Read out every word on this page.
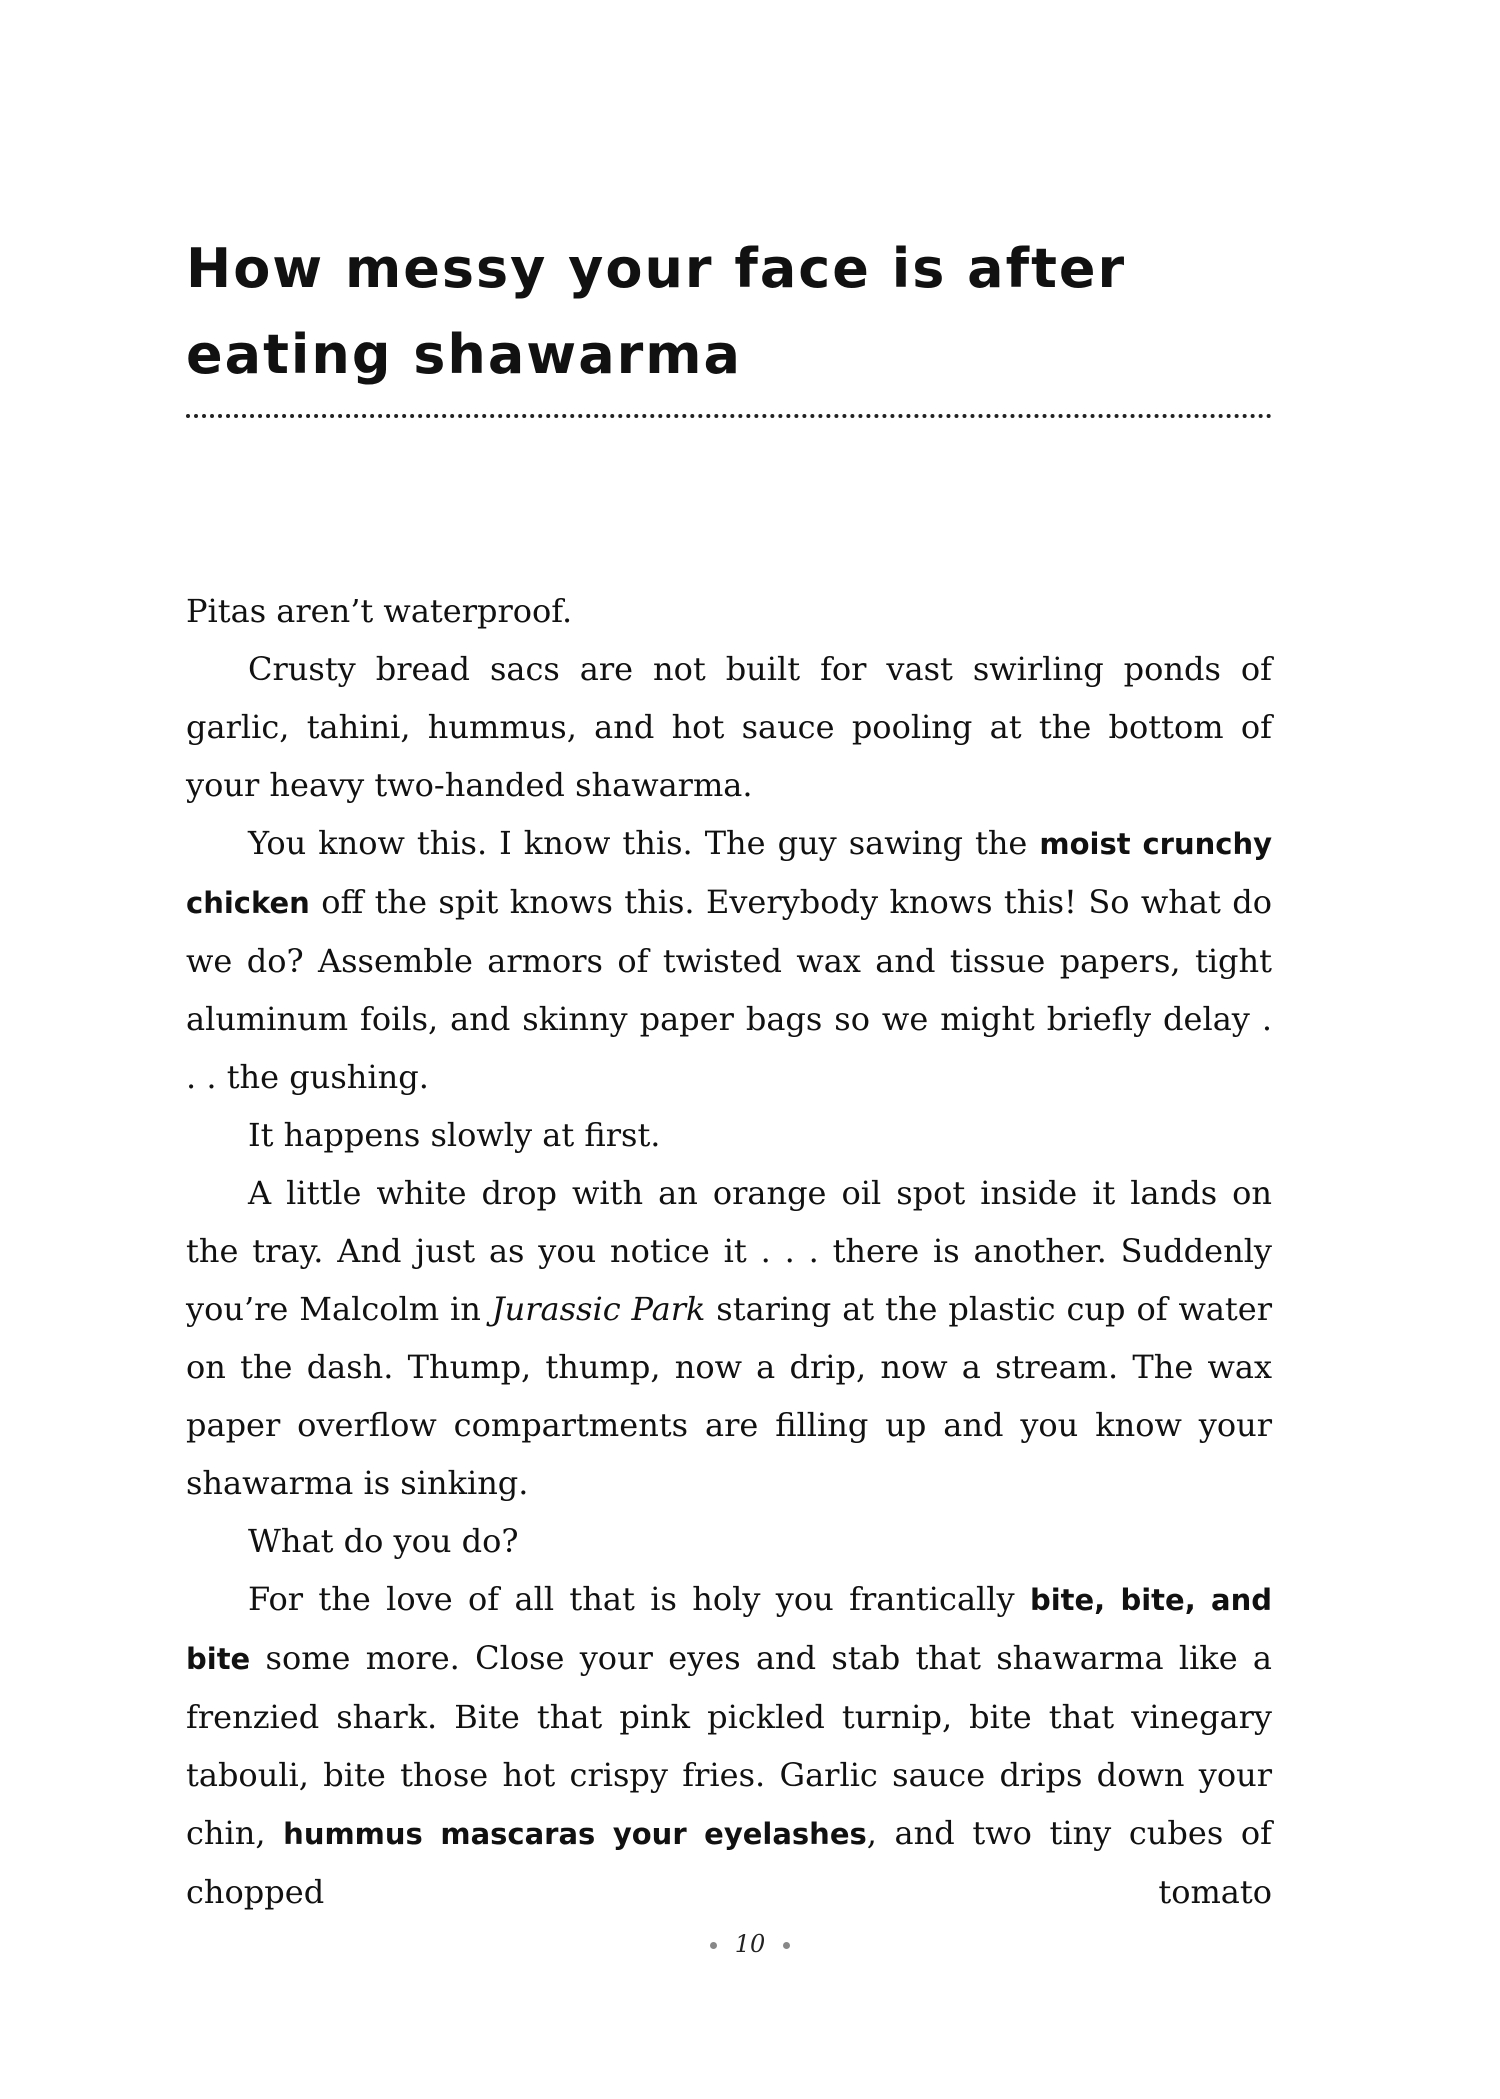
How messy your face is after eating shawarma

Pitas aren’t waterproof.

Crusty bread sacs are not built for vast swirling ponds of garlic, tahini, hummus, and hot sauce pooling at the bottom of your heavy two-handed shawarma.

You know this. I know this. The guy sawing the moist crunchy chicken off the spit knows this. Everybody knows this! So what do we do? Assemble armors of twisted wax and tissue papers, tight aluminum foils, and skinny paper bags so we might briefly delay . . . the gushing.

It happens slowly at first.

A little white drop with an orange oil spot inside it lands on the tray. And just as you notice it . . . there is another. Suddenly you’re Malcolm in Jurassic Park staring at the plastic cup of water on the dash. Thump, thump, now a drip, now a stream. The wax paper overflow compartments are filling up and you know your shawarma is sinking.

What do you do?

For the love of all that is holy you frantically bite, bite, and bite some more. Close your eyes and stab that shawarma like a frenzied shark. Bite that pink pickled turnip, bite that vinegary tabouli, bite those hot crispy fries. Garlic sauce drips down your chin, hummus mascaras your eyelashes, and two tiny cubes of chopped tomato

10
